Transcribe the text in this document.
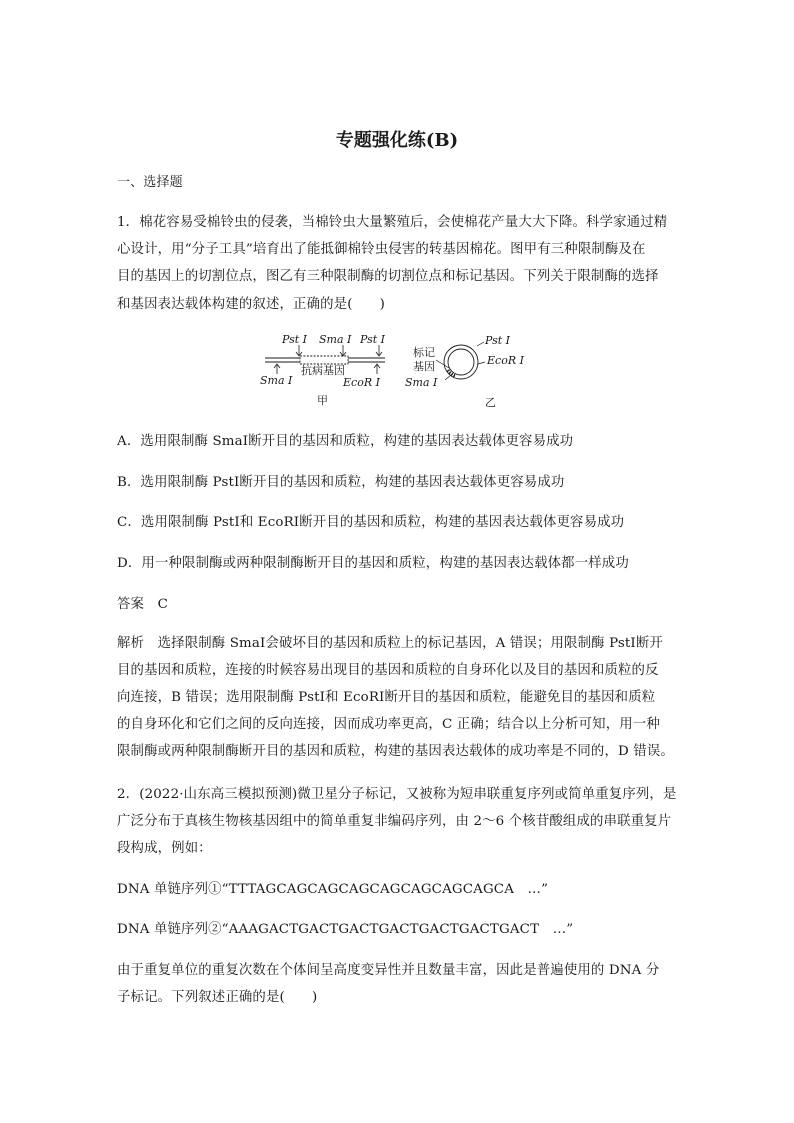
专题强化练(B)
一、选择题
1．棉花容易受棉铃虫的侵袭，当棉铃虫大量繁殖后，会使棉花产量大大下降。科学家通过精
心设计，用“分子工具”培育出了能抵御棉铃虫侵害的转基因棉花。图甲有三种限制酶及在
目的基因上的切割位点，图乙有三种限制酶的切割位点和标记基因。下列关于限制酶的选择
和基因表达载体构建的叙述，正确的是(　　)
Pst Ⅰ Sma Ⅰ Pst Ⅰ
抗病基因
Sma Ⅰ	EcoR Ⅰ
甲
标记
基因
Pst Ⅰ
EcoR Ⅰ
Sma Ⅰ
乙
A．选用限制酶 SmaⅠ断开目的基因和质粒，构建的基因表达载体更容易成功
B．选用限制酶 PstⅠ断开目的基因和质粒，构建的基因表达载体更容易成功
C．选用限制酶 PstⅠ和 EcoRⅠ断开目的基因和质粒，构建的基因表达载体更容易成功
D．用一种限制酶或两种限制酶断开目的基因和质粒，构建的基因表达载体都一样成功
答案　C
解析　选择限制酶 SmaⅠ会破坏目的基因和质粒上的标记基因，A 错误；用限制酶 PstⅠ断开
目的基因和质粒，连接的时候容易出现目的基因和质粒的自身环化以及目的基因和质粒的反
向连接，B 错误；选用限制酶 PstⅠ和 EcoRⅠ断开目的基因和质粒，能避免目的基因和质粒
的自身环化和它们之间的反向连接，因而成功率更高，C 正确；结合以上分析可知，用一种
限制酶或两种限制酶断开目的基因和质粒，构建的基因表达载体的成功率是不同的，D 错误。
2．(2022·山东高三模拟预测)微卫星分子标记，又被称为短串联重复序列或简单重复序列，是
广泛分布于真核生物核基因组中的简单重复非编码序列，由 2～6 个核苷酸组成的串联重复片
段构成，例如：
DNA 单链序列①“TTTAGCAGCAGCAGCAGCAGCAGCAGCA　…”
DNA 单链序列②“AAAGACTGACTGACTGACTGACTGACTGACT　…”
由于重复单位的重复次数在个体间呈高度变异性并且数量丰富，因此是普遍使用的 DNA 分
子标记。下列叙述正确的是(　　)
